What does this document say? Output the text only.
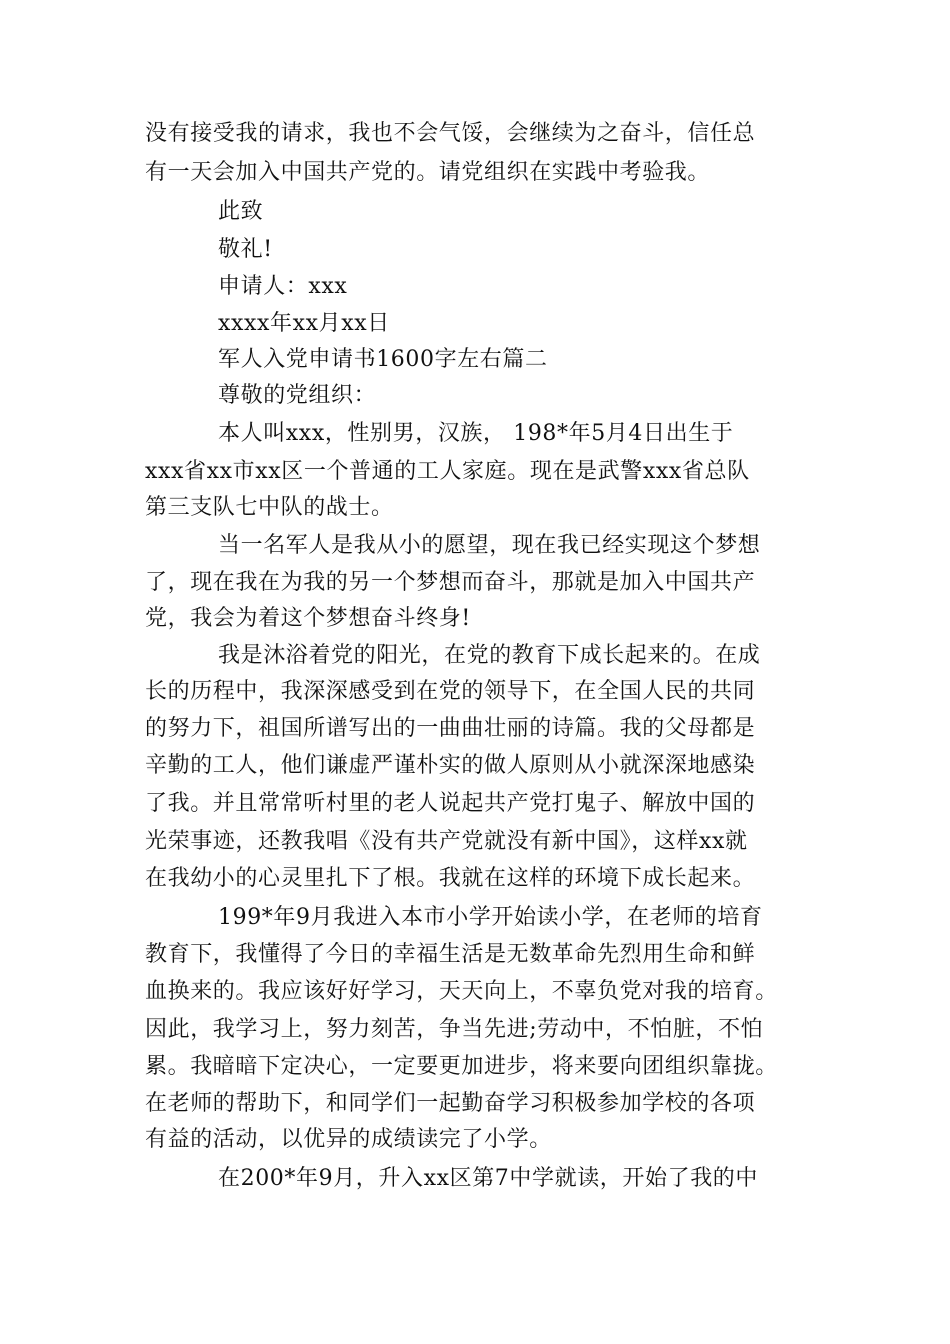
没有接受我的请求，我也不会气馁，会继续为之奋斗，信任总
有一天会加入中国共产党的。请党组织在实践中考验我。
此致
敬礼!
申请人：xxx
xxxx年xx月xx日
军人入党申请书1600字左右篇二
尊敬的党组织：
本人叫xxx，性别男，汉族， 198*年5月4日出生于
xxx省xx市xx区一个普通的工人家庭。现在是武警xxx省总队
第三支队七中队的战士。
当一名军人是我从小的愿望，现在我已经实现这个梦想
了，现在我在为我的另一个梦想而奋斗，那就是加入中国共产
党，我会为着这个梦想奋斗终身!
我是沐浴着党的阳光，在党的教育下成长起来的。在成
长的历程中，我深深感受到在党的领导下，在全国人民的共同
的努力下，祖国所谱写出的一曲曲壮丽的诗篇。我的父母都是
辛勤的工人，他们谦虚严谨朴实的做人原则从小就深深地感染
了我。并且常常听村里的老人说起共产党打鬼子、解放中国的
光荣事迹，还教我唱《没有共产党就没有新中国》，这样xx就
在我幼小的心灵里扎下了根。我就在这样的环境下成长起来。
199*年9月我进入本市小学开始读小学，在老师的培育
教育下，我懂得了今日的幸福生活是无数革命先烈用生命和鲜
血换来的。我应该好好学习，天天向上，不辜负党对我的培育。
因此，我学习上，努力刻苦，争当先进;劳动中，不怕脏，不怕
累。我暗暗下定决心，一定要更加进步，将来要向团组织靠拢。
在老师的帮助下，和同学们一起勤奋学习积极参加学校的各项
有益的活动，以优异的成绩读完了小学。
在200*年9月，升入xx区第7中学就读，开始了我的中
